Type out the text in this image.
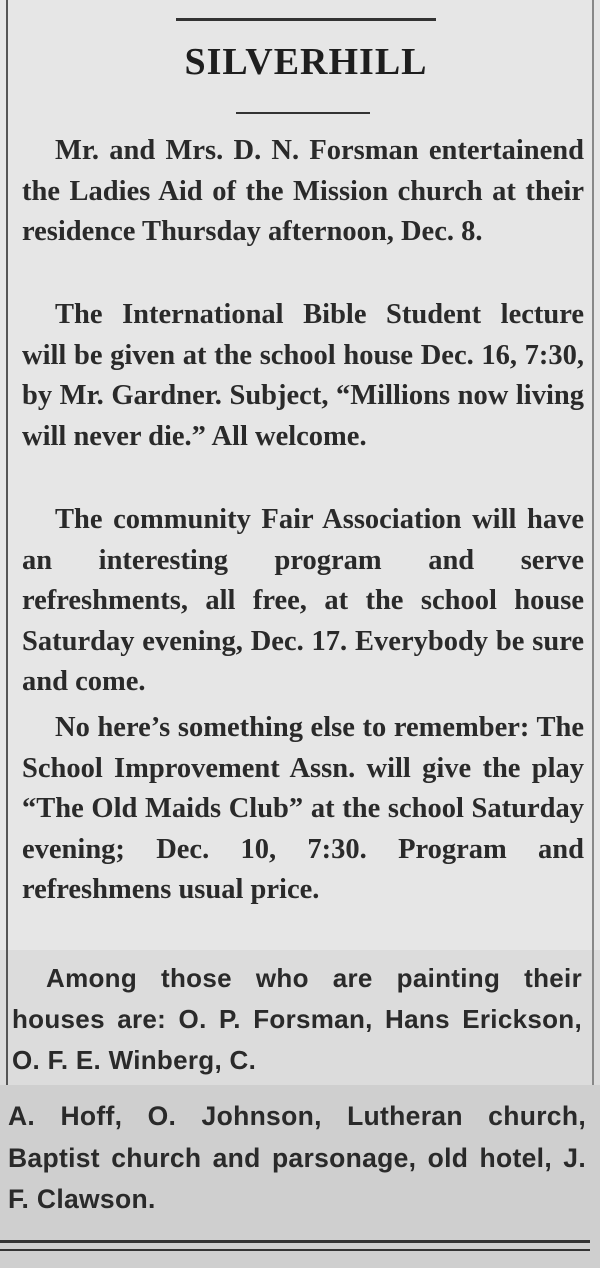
SILVERHILL

Mr. and Mrs. D. N. Forsman entertainend the Ladies Aid of the Mission church at their residence Thursday afternoon, Dec. 8.

The International Bible Student lecture will be given at the school house Dec. 16, 7:30, by Mr. Gardner. Subject, “Millions now living will never die.” All welcome.

The community Fair Association will have an interesting program and serve refreshments, all free, at the school house Saturday evening, Dec. 17. Everybody be sure and come.

No here’s something else to remember: The School Improvement Assn. will give the play “The Old Maids Club” at the school Saturday evening; Dec. 10, 7:30. Program and refreshmens usual price.

Among those who are painting their houses are: O. P. Forsman, Hans Erickson, O. F. E. Winberg, C.

A. Hoff, O. Johnson, Lutheran church, Baptist church and parsonage, old hotel, J. F. Clawson.
